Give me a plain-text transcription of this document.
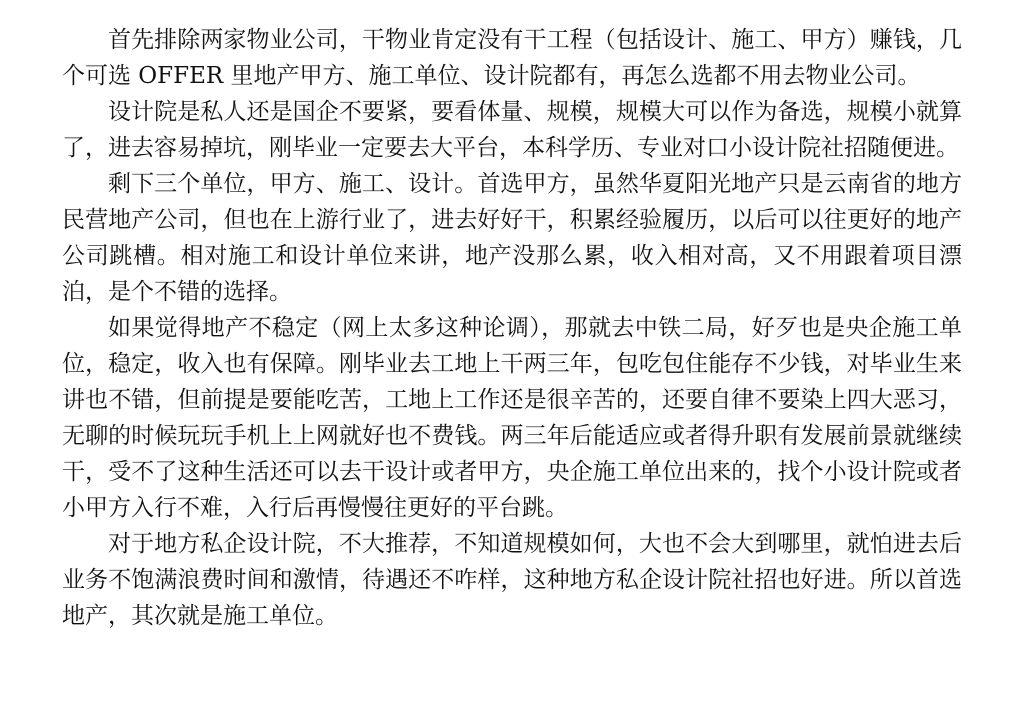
首先排除两家物业公司，干物业肯定没有干工程（包括设计、施工、甲方）赚钱，几个可选 OFFER 里地产甲方、施工单位、设计院都有，再怎么选都不用去物业公司。

设计院是私人还是国企不要紧，要看体量、规模，规模大可以作为备选，规模小就算了，进去容易掉坑，刚毕业一定要去大平台，本科学历、专业对口小设计院社招随便进。

剩下三个单位，甲方、施工、设计。首选甲方，虽然华夏阳光地产只是云南省的地方民营地产公司，但也在上游行业了，进去好好干，积累经验履历，以后可以往更好的地产公司跳槽。相对施工和设计单位来讲，地产没那么累，收入相对高，又不用跟着项目漂泊，是个不错的选择。

如果觉得地产不稳定（网上太多这种论调），那就去中铁二局，好歹也是央企施工单位，稳定，收入也有保障。刚毕业去工地上干两三年，包吃包住能存不少钱，对毕业生来讲也不错，但前提是要能吃苦，工地上工作还是很辛苦的，还要自律不要染上四大恶习，无聊的时候玩玩手机上上网就好也不费钱。两三年后能适应或者得升职有发展前景就继续干，受不了这种生活还可以去干设计或者甲方，央企施工单位出来的，找个小设计院或者小甲方入行不难，入行后再慢慢往更好的平台跳。

对于地方私企设计院，不大推荐，不知道规模如何，大也不会大到哪里，就怕进去后业务不饱满浪费时间和激情，待遇还不咋样，这种地方私企设计院社招也好进。所以首选地产，其次就是施工单位。
